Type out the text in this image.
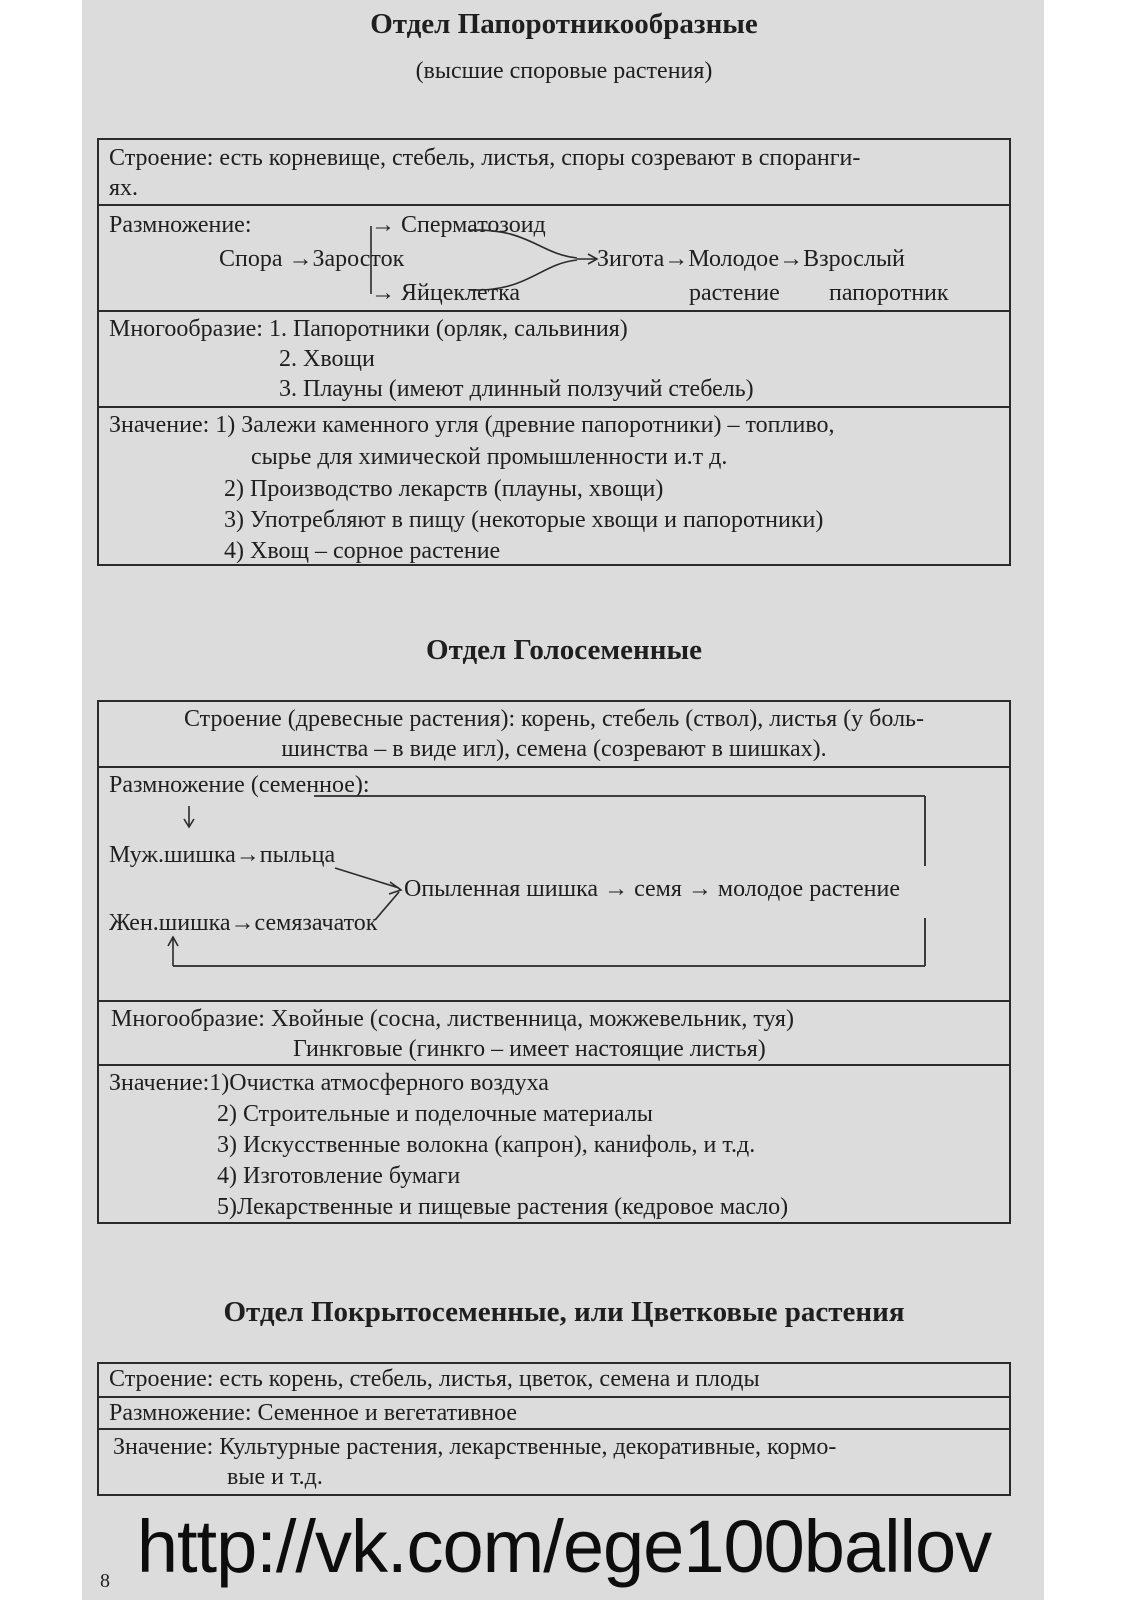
Отдел Папоротникообразные
(высшие споровые растения)
Строение: есть корневище, стебель, листья, споры созревают в споранги-
ях.
Размножение:	→ Сперматозоид
Спора →Заросток
→ Яйцеклетка
Зигота→Молодое→Взрослый
растение папоротник
Многообразие: 1. Папоротники (орляк, сальвиния)
2. Хвощи
3. Плауны (имеют длинный ползучий стебель)
Значение: 1) Залежи каменного угля (древние папоротники) – топливо,
сырье для химической промышленности и.т д.
2) Производство лекарств (плауны, хвощи)
3) Употребляют в пищу (некоторые хвощи и папоротники)
4) Хвощ – сорное растение
Отдел Голосеменные
Строение (древесные растения): корень, стебель (ствол), листья (у боль-
шинства – в виде игл), семена (созревают в шишках).
Размножение (семенное):
Муж.шишка→пыльца
Опыленная шишка → семя → молодое растение
Жен.шишка→семязачаток
Многообразие: Хвойные (сосна, лиственница, можжевельник, туя)
Гинкговые (гинкго – имеет настоящие листья)
Значение:1)Очистка атмосферного воздуха
2) Строительные и поделочные материалы
3) Искусственные волокна (капрон), канифоль, и т.д.
4) Изготовление бумаги
5)Лекарственные и пищевые растения (кедровое масло)
Отдел Покрытосеменные, или Цветковые растения
Строение: есть корень, стебель, листья, цветок, семена и плоды
Размножение: Семенное и вегетативное
Значение: Культурные растения, лекарственные, декоративные, кормо-
вые и т.д.
http://vk.com/ege100ballov
8
